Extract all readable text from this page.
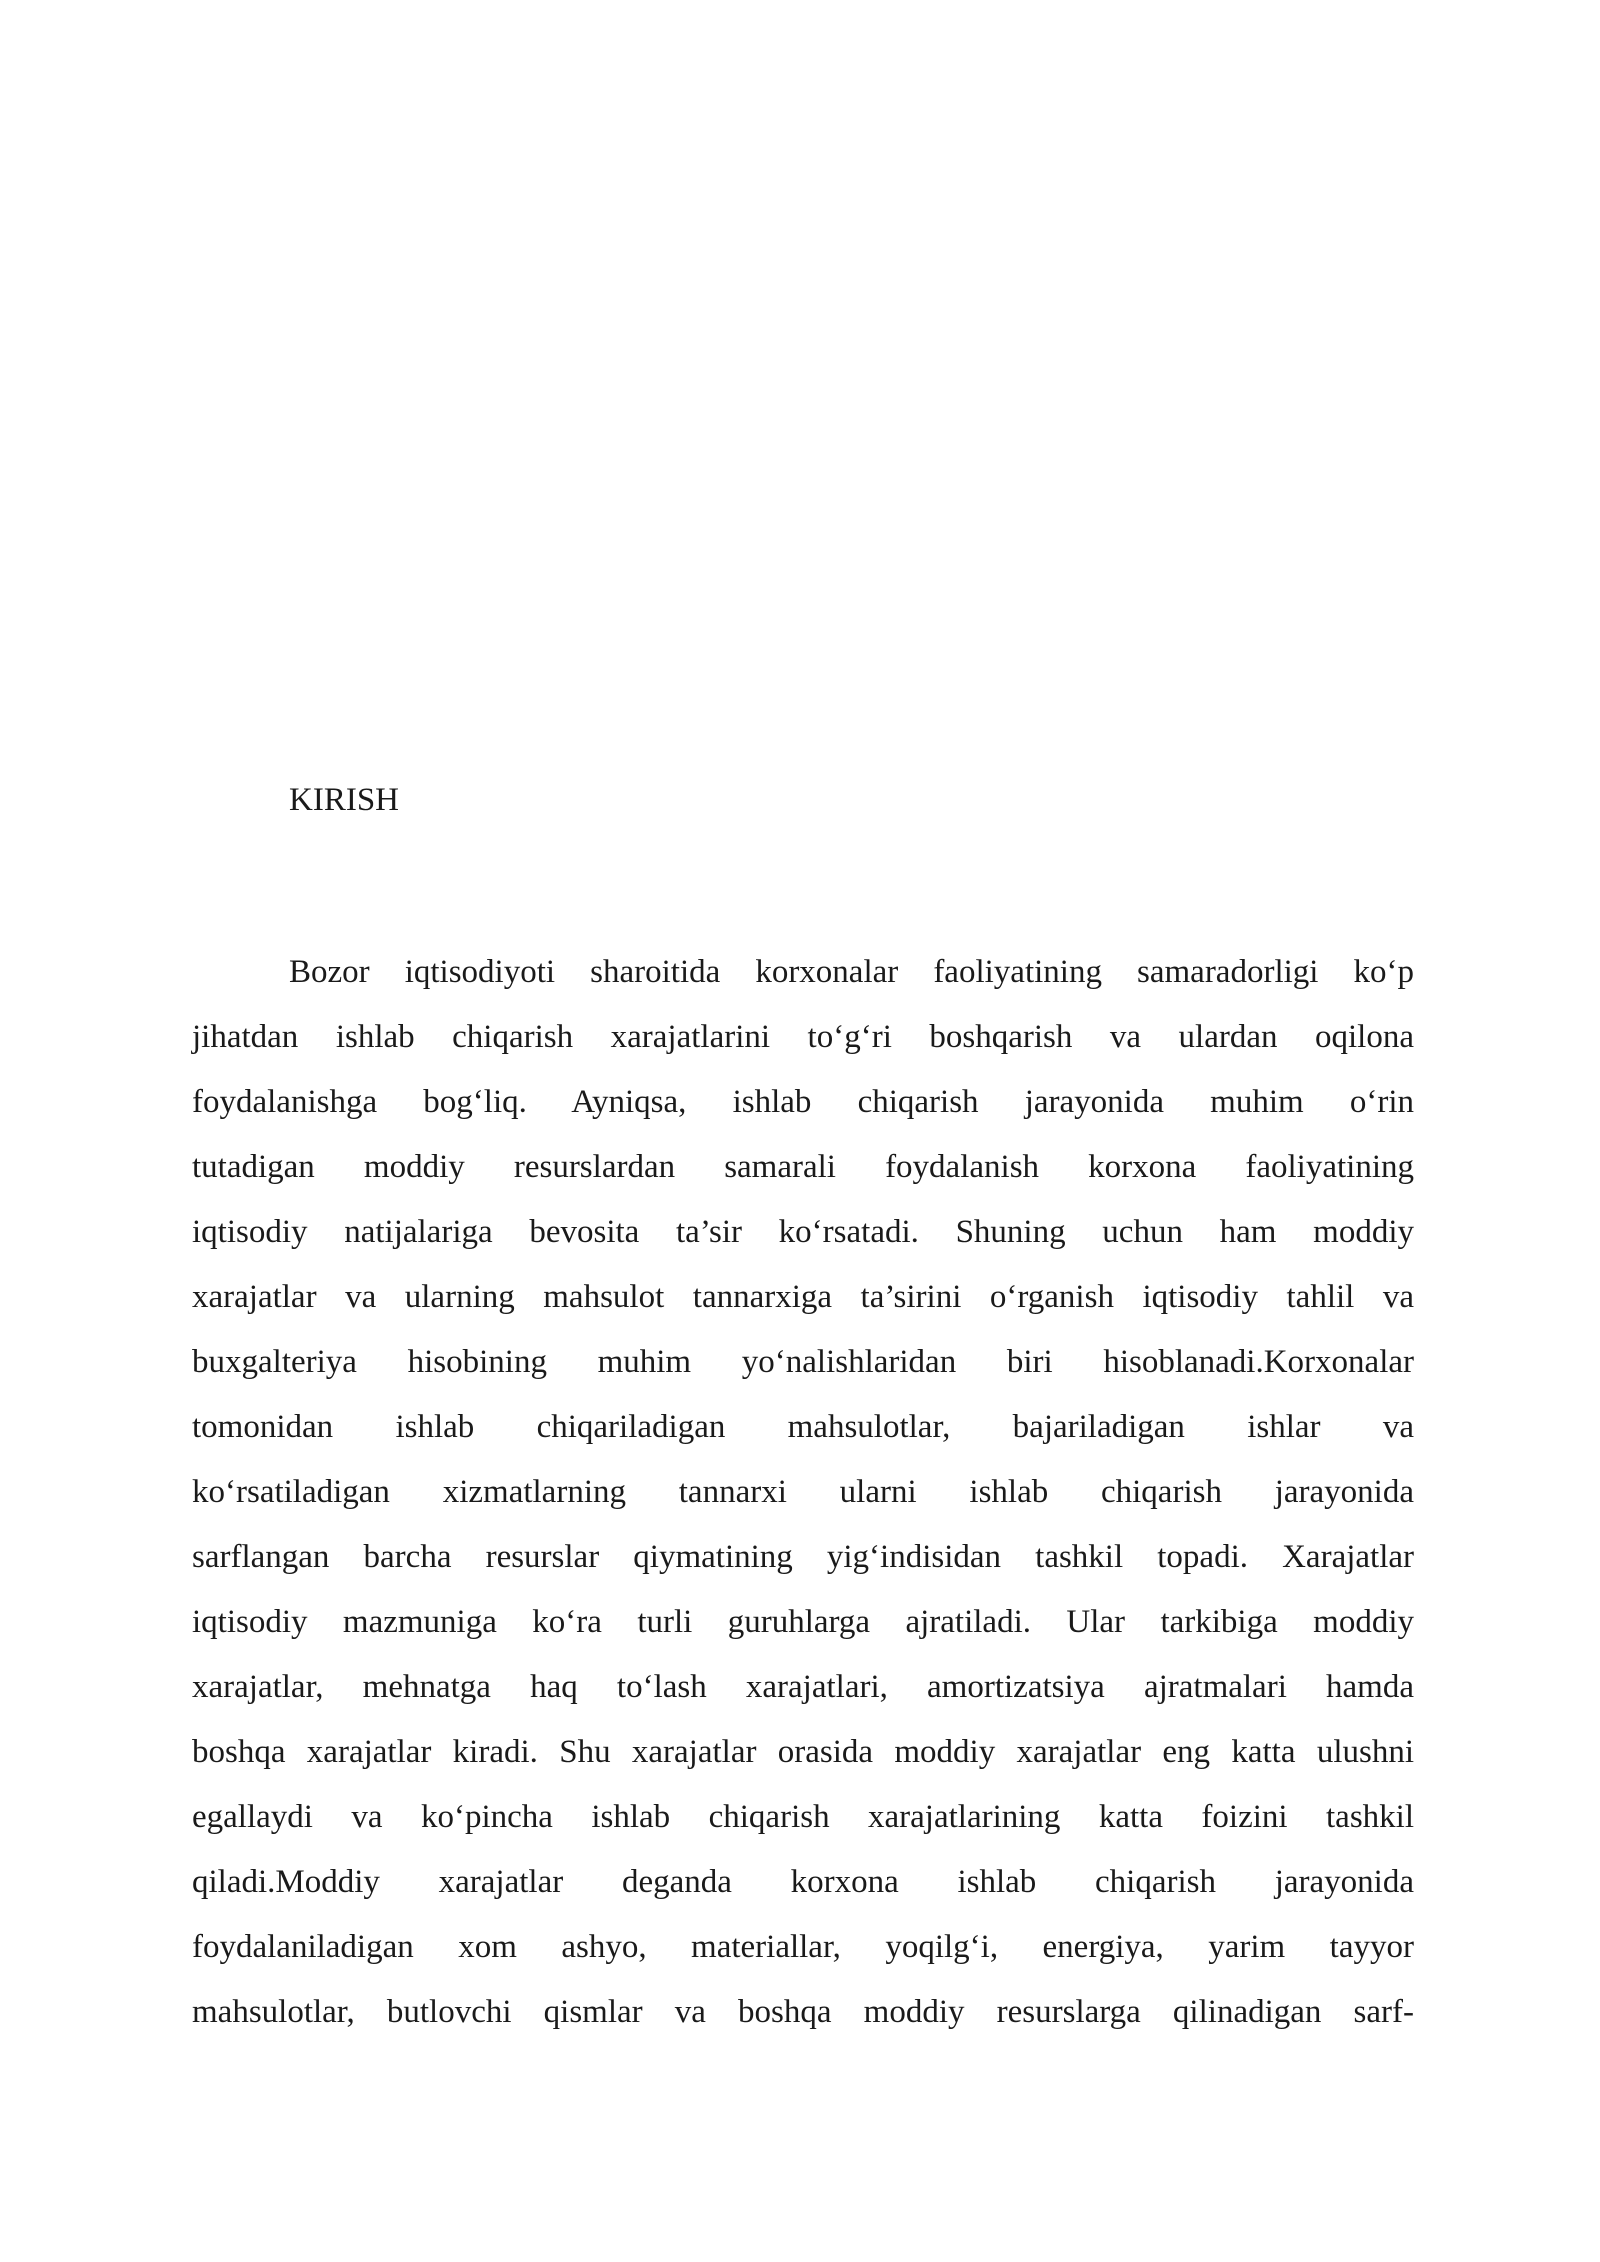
KIRISH
Bozor iqtisodiyoti sharoitida korxonalar faoliyatining samaradorligi ko‘p
jihatdan ishlab chiqarish xarajatlarini to‘g‘ri boshqarish va ulardan oqilona
foydalanishga bog‘liq. Ayniqsa, ishlab chiqarish jarayonida muhim o‘rin
tutadigan moddiy resurslardan samarali foydalanish korxona faoliyatining
iqtisodiy natijalariga bevosita ta’sir ko‘rsatadi. Shuning uchun ham moddiy
xarajatlar va ularning mahsulot tannarxiga ta’sirini o‘rganish iqtisodiy tahlil va
buxgalteriya hisobining muhim yo‘nalishlaridan biri hisoblanadi.Korxonalar
tomonidan ishlab chiqariladigan mahsulotlar, bajariladigan ishlar va
ko‘rsatiladigan xizmatlarning tannarxi ularni ishlab chiqarish jarayonida
sarflangan barcha resurslar qiymatining yig‘indisidan tashkil topadi. Xarajatlar
iqtisodiy mazmuniga ko‘ra turli guruhlarga ajratiladi. Ular tarkibiga moddiy
xarajatlar, mehnatga haq to‘lash xarajatlari, amortizatsiya ajratmalari hamda
boshqa xarajatlar kiradi. Shu xarajatlar orasida moddiy xarajatlar eng katta ulushni
egallaydi va ko‘pincha ishlab chiqarish xarajatlarining katta foizini tashkil
qiladi.Moddiy xarajatlar deganda korxona ishlab chiqarish jarayonida
foydalaniladigan xom ashyo, materiallar, yoqilg‘i, energiya, yarim tayyor
mahsulotlar, butlovchi qismlar va boshqa moddiy resurslarga qilinadigan sarf-
